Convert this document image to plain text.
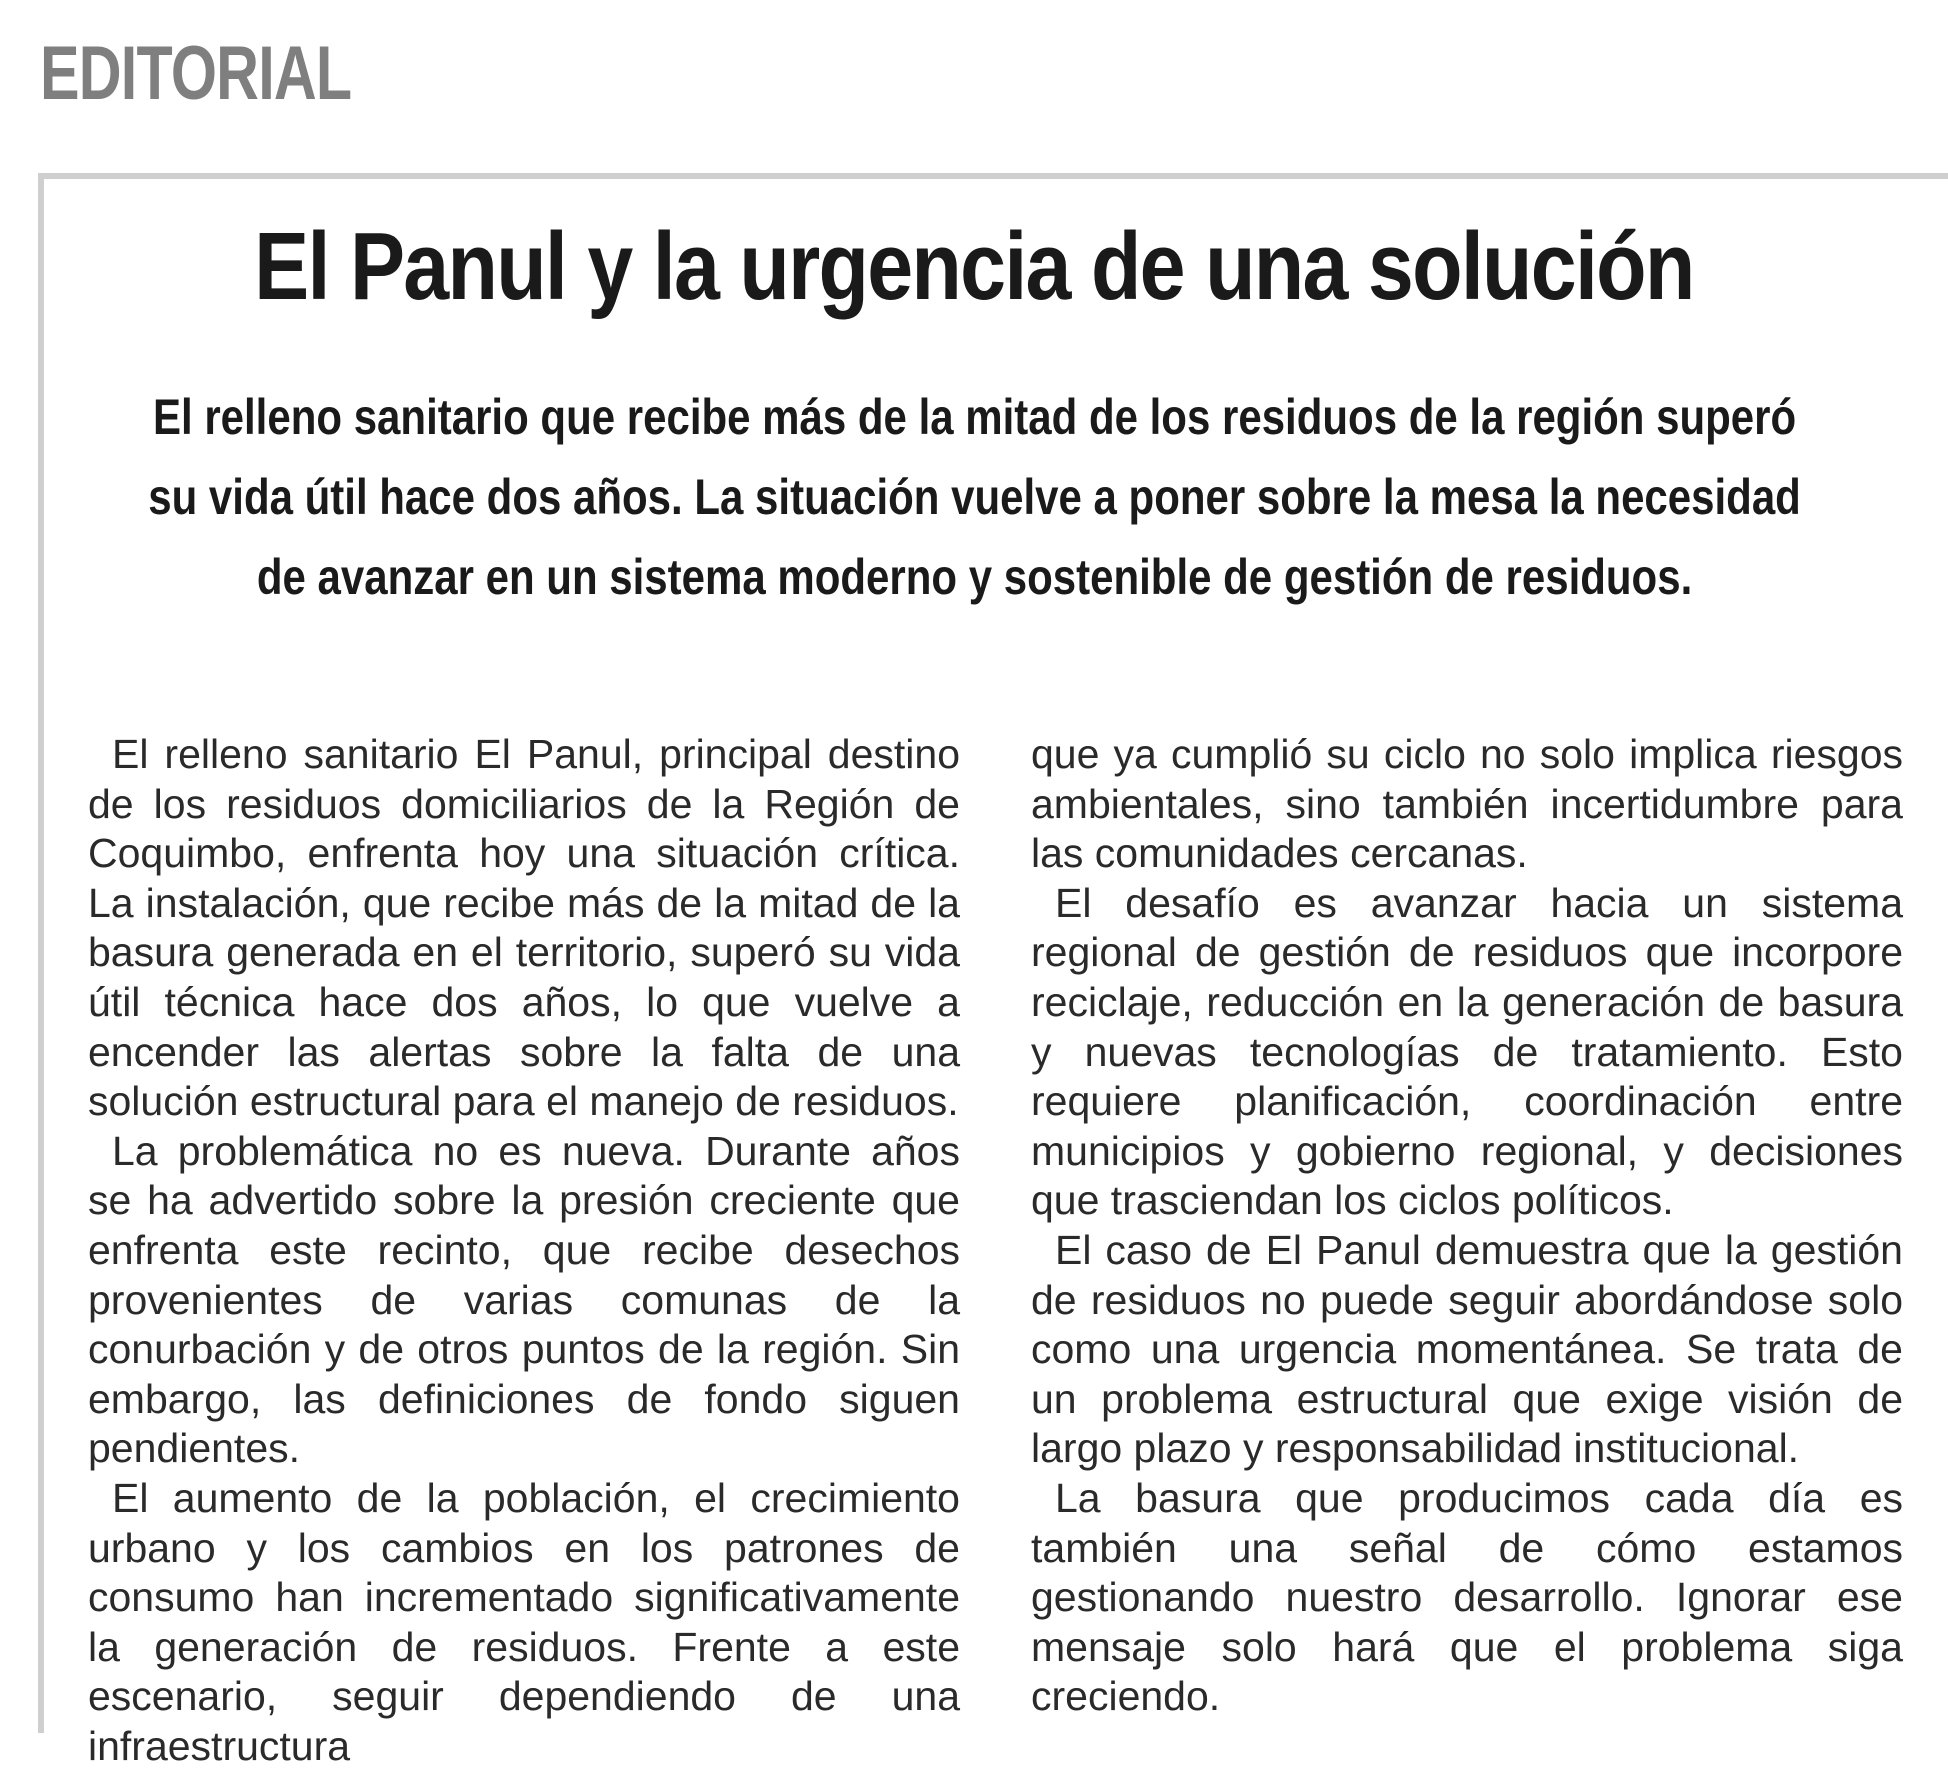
EDITORIAL
El Panul y la urgencia de una solución
El relleno sanitario que recibe más de la mitad de los residuos de la región superó su vida útil hace dos años. La situación vuelve a poner sobre la mesa la necesidad de avanzar en un sistema moderno y sostenible de gestión de residuos.

El relleno sanitario El Panul, principal destino de los residuos domiciliarios de la Región de Coquimbo, enfrenta hoy una situación crítica. La instalación, que recibe más de la mitad de la basura generada en el territorio, superó su vida útil técnica hace dos años, lo que vuelve a encender las alertas sobre la falta de una solución estructural para el manejo de residuos.

La problemática no es nueva. Durante años se ha advertido sobre la presión creciente que enfrenta este recinto, que recibe desechos provenientes de varias comunas de la conurbación y de otros puntos de la región. Sin embargo, las definiciones de fondo siguen pendientes.

El aumento de la población, el crecimiento urbano y los cambios en los patrones de consumo han incrementado significativamente la generación de residuos. Frente a este escenario, seguir dependiendo de una infraestructura

que ya cumplió su ciclo no solo implica riesgos ambientales, sino también incertidumbre para las comunidades cercanas.

El desafío es avanzar hacia un sistema regional de gestión de residuos que incorpore reciclaje, reducción en la generación de basura y nuevas tecnologías de tratamiento. Esto requiere planificación, coordinación entre municipios y gobierno regional, y decisiones que trasciendan los ciclos políticos.

El caso de El Panul demuestra que la gestión de residuos no puede seguir abordándose solo como una urgencia momentánea. Se trata de un problema estructural que exige visión de largo plazo y responsabilidad institucional.

La basura que producimos cada día es también una señal de cómo estamos gestionando nuestro desarrollo. Ignorar ese mensaje solo hará que el problema siga creciendo.
